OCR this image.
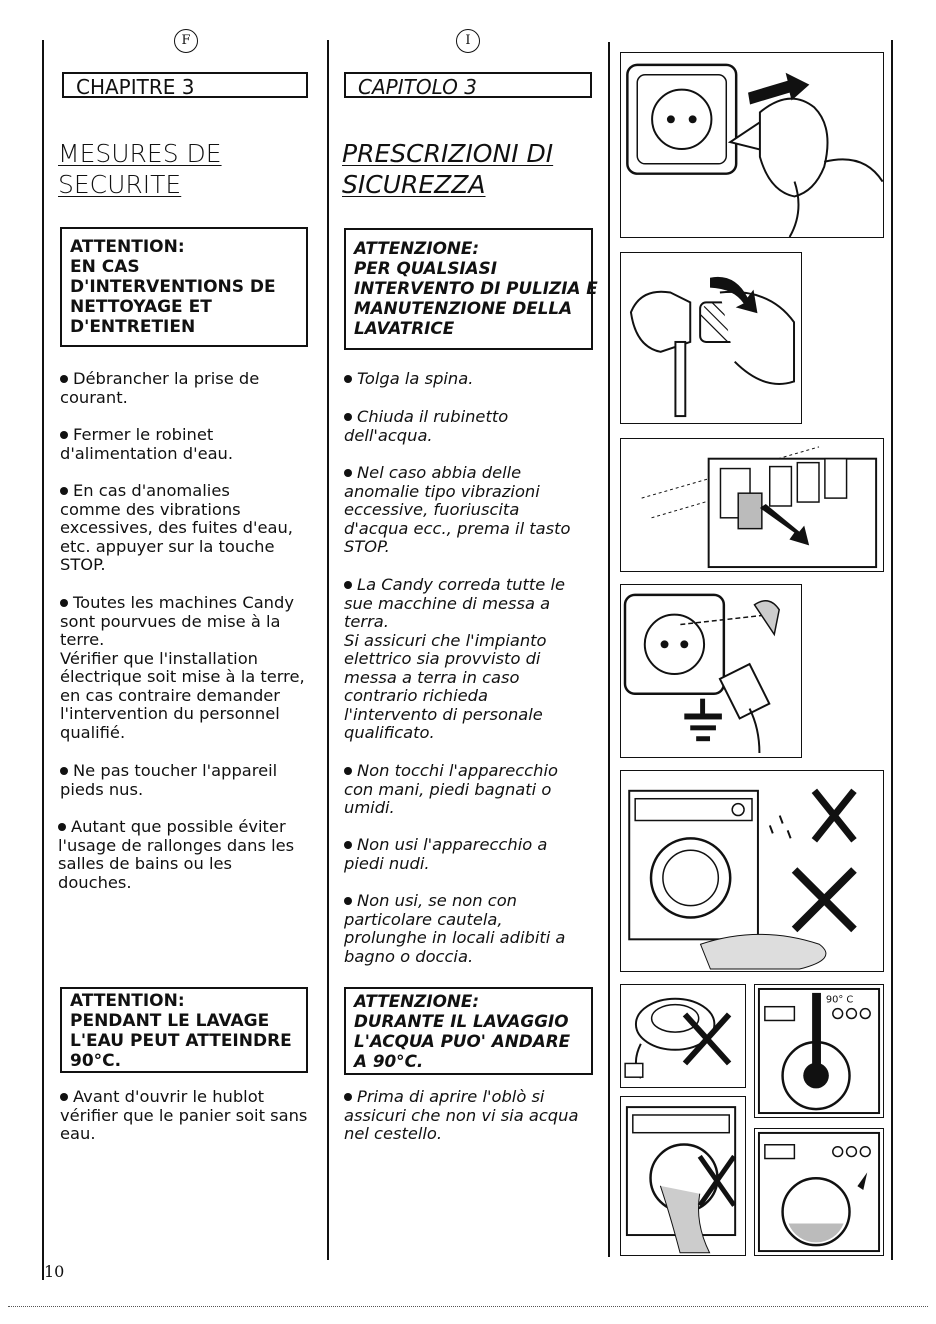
F
CHAPITRE 3
MESURES DE
SECURITE
ATTENTION:
EN CAS
D'INTERVENTIONS DE
NETTOYAGE ET
D'ENTRETIEN
Débrancher la prise de
courant.
Fermer le robinet
d'alimentation d'eau.
En cas d'anomalies
comme des vibrations
excessives, des fuites d'eau,
etc. appuyer sur la touche
STOP.
Toutes les machines Candy
sont pourvues de mise à la
terre.
Vérifier que l'installation
électrique soit mise à la terre,
en cas contraire demander
l'intervention du personnel
qualifié.
Ne pas toucher l'appareil
pieds nus.
Autant que possible éviter
l'usage de rallonges dans les
salles de bains ou les
douches.
ATTENTION:
PENDANT LE LAVAGE
L'EAU PEUT ATTEINDRE
90°C.
Avant d'ouvrir le hublot
vérifier que le panier soit sans
eau.
I
CAPITOLO 3
PRESCRIZIONI DI
SICUREZZA
ATTENZIONE:
PER QUALSIASI
INTERVENTO DI PULIZIA E
MANUTENZIONE DELLA
LAVATRICE
Tolga la spina.
Chiuda il rubinetto
dell'acqua.
Nel caso abbia delle
anomalie tipo vibrazioni
eccessive, fuoriuscita
d'acqua ecc., prema il tasto
STOP.
La Candy correda tutte le
sue macchine di messa a
terra.
Si assicuri che l'impianto
elettrico sia provvisto di
messa a terra in caso
contrario richieda
l'intervento di personale
qualificato.
Non tocchi l'apparecchio
con mani, piedi bagnati o
umidi.
Non usi l'apparecchio a
piedi nudi.
Non usi, se non con
particolare cautela,
prolunghe in locali adibiti a
bagno o doccia.
ATTENZIONE:
DURANTE IL LAVAGGIO
L'ACQUA PUO' ANDARE
A 90°C.
Prima di aprire l'oblò si
assicuri che non vi sia acqua
nel cestello.
90° C
10
